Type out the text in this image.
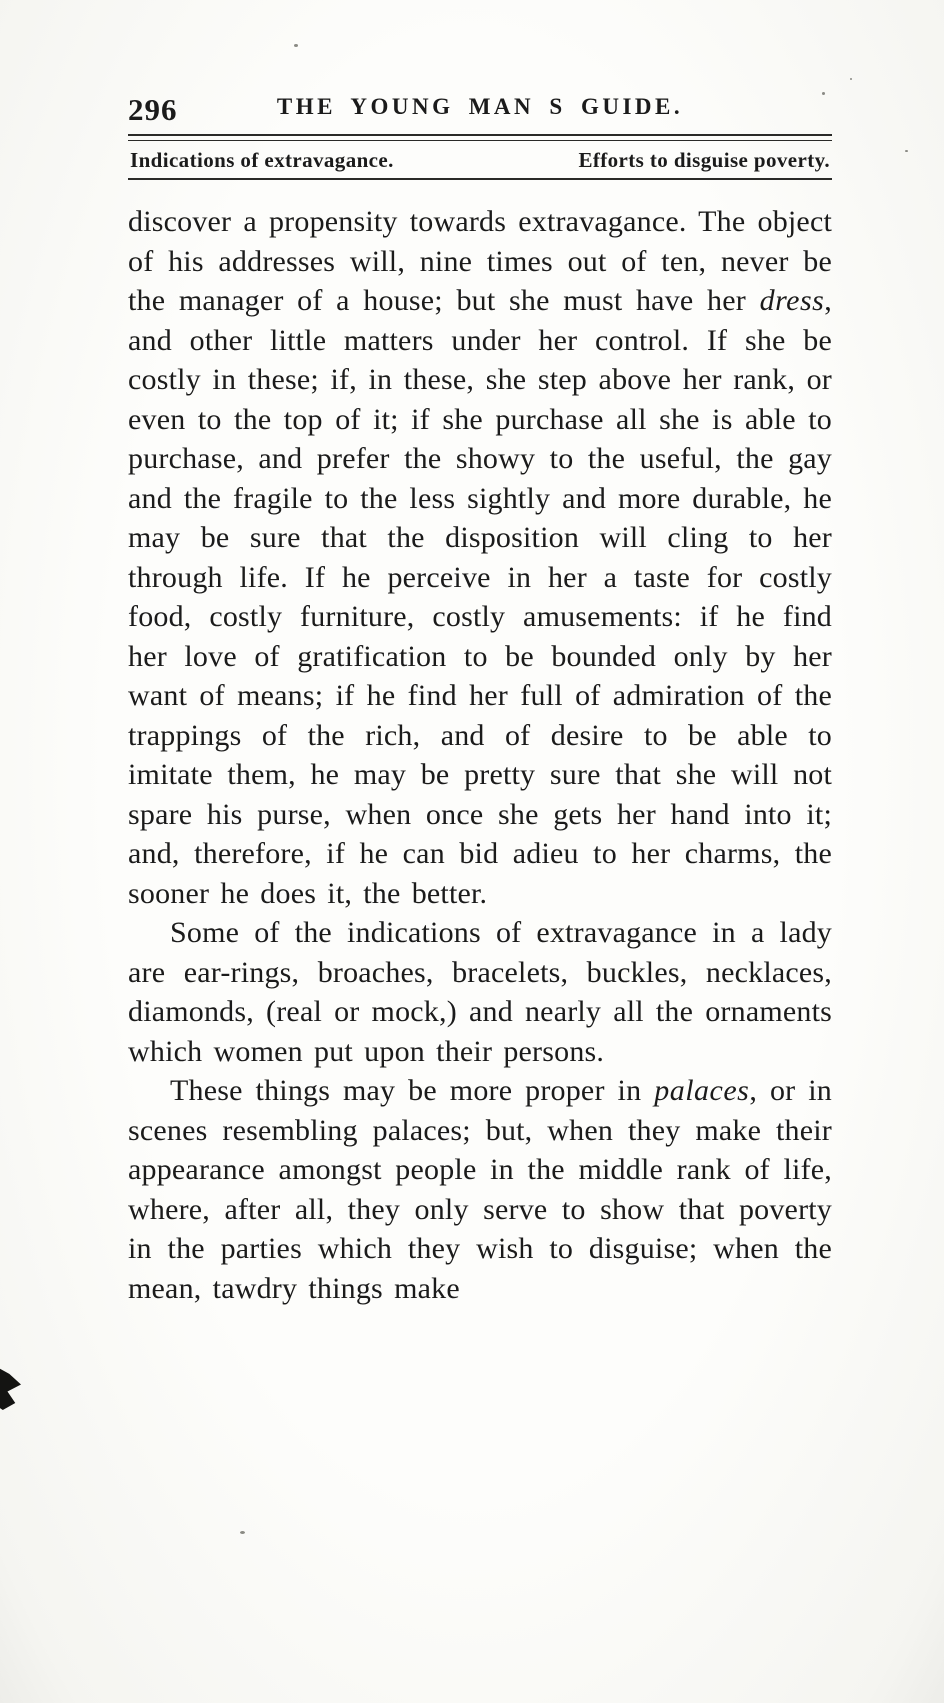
296	THE YOUNG MAN S GUIDE.
Indications of extravagance.	Efforts to disguise poverty.

discover a propensity towards extravagance. The object of his addresses will, nine times out of ten, never be the manager of a house; but she must have her dress, and other little matters under her control. If she be costly in these; if, in these, she step above her rank, or even to the top of it; if she purchase all she is able to purchase, and prefer the showy to the useful, the gay and the fragile to the less sightly and more durable, he may be sure that the disposition will cling to her through life. If he perceive in her a taste for costly food, costly furniture, costly amusements: if he find her love of gratification to be bounded only by her want of means; if he find her full of admiration of the trappings of the rich, and of desire to be able to imitate them, he may be pretty sure that she will not spare his purse, when once she gets her hand into it; and, therefore, if he can bid adieu to her charms, the sooner he does it, the better.

Some of the indications of extravagance in a lady are ear-rings, broaches, bracelets, buckles, necklaces, diamonds, (real or mock,) and nearly all the ornaments which women put upon their persons.

These things may be more proper in palaces, or in scenes resembling palaces; but, when they make their appearance amongst people in the middle rank of life, where, after all, they only serve to show that poverty in the parties which they wish to disguise; when the mean, tawdry things make
